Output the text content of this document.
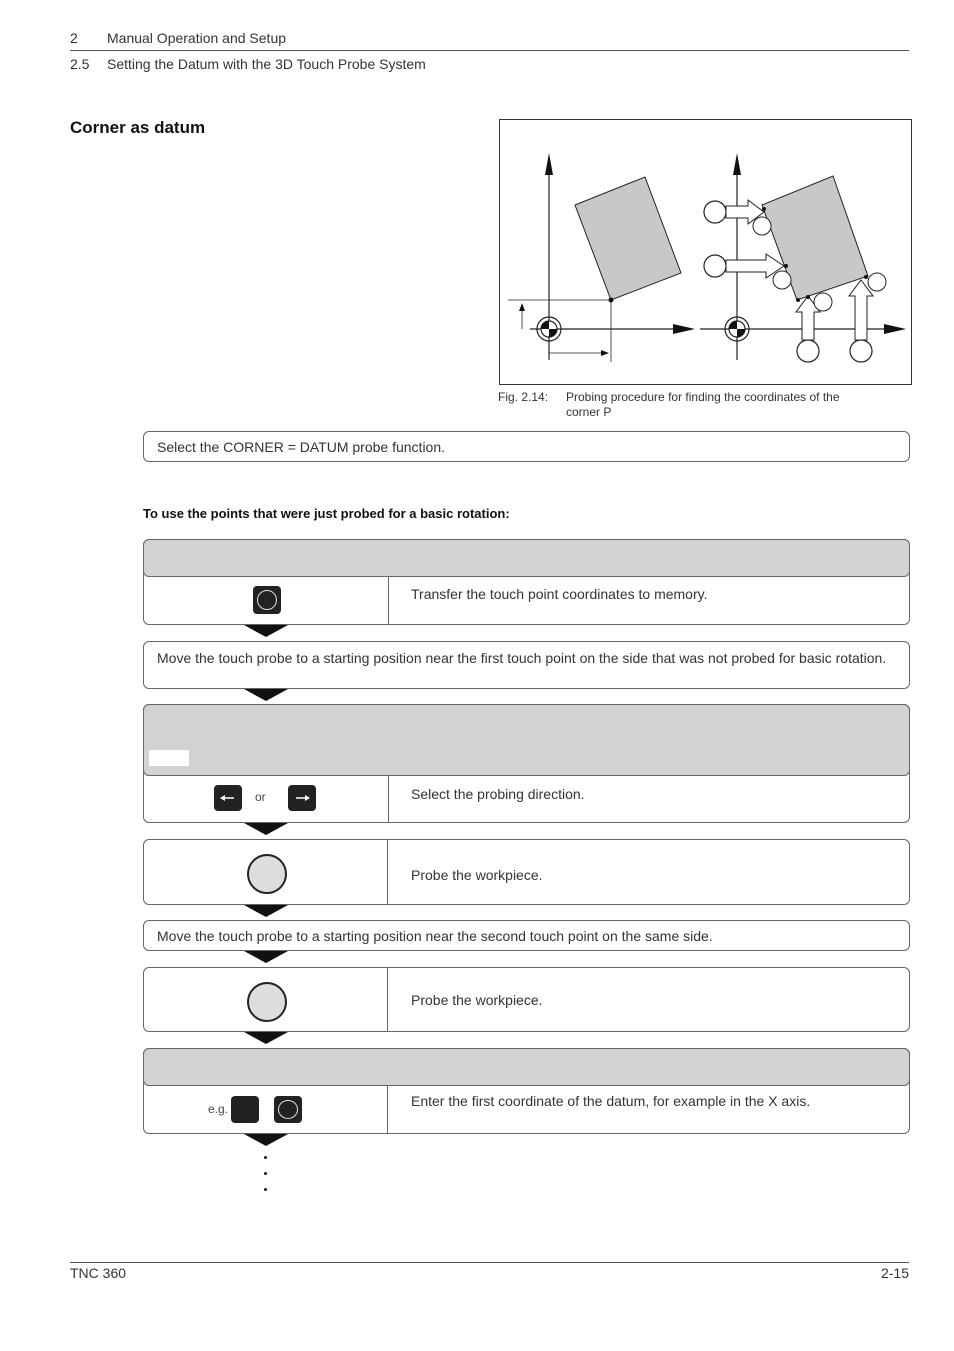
2 Manual Operation and Setup
2.5 Setting the Datum with the 3D Touch Probe System
Corner as datum
Fig. 2.14: Probing procedure for finding the coordinates of the corner P
Select the CORNER = DATUM probe function.
To use the points that were just probed for a basic rotation:
Transfer the touch point coordinates to memory.
Move the touch probe to a starting position near the first touch point on the side that was not probed for basic rotation.
or	Select the probing direction.
Probe the workpiece.
Move the touch probe to a starting position near the second touch point on the same side.
Probe the workpiece.
e.g.	Enter the first coordinate of the datum, for example in the X axis.
TNC 360	2-15
